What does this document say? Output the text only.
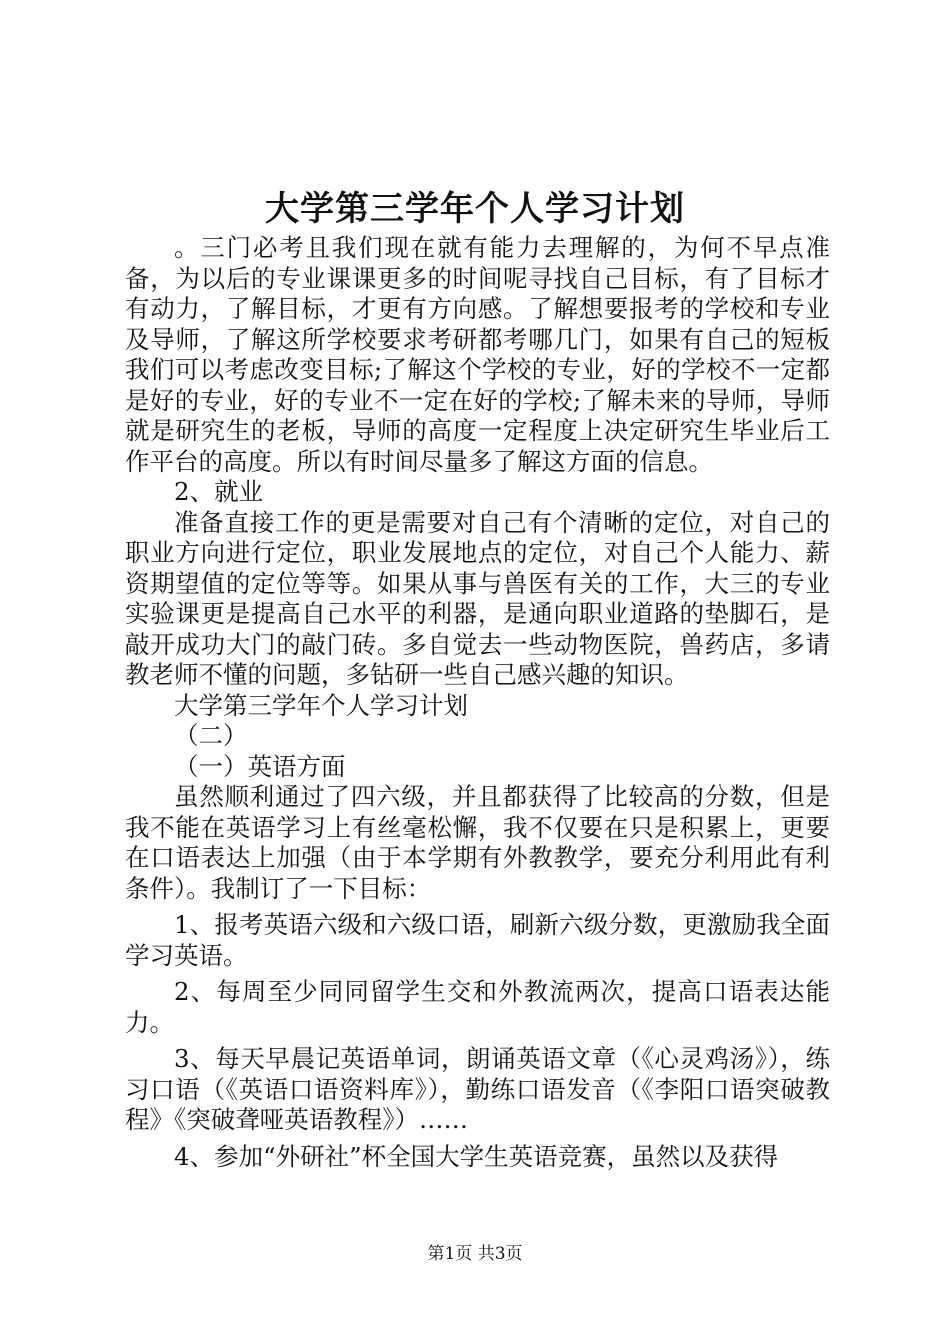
大学第三学年个人学习计划

。三门必考且我们现在就有能力去理解的，为何不早点准备，为以后的专业课课更多的时间呢寻找自己目标，有了目标才有动力，了解目标，才更有方向感。了解想要报考的学校和专业及导师，了解这所学校要求考研都考哪几门，如果有自己的短板我们可以考虑改变目标;了解这个学校的专业，好的学校不一定都是好的专业，好的专业不一定在好的学校;了解未来的导师，导师就是研究生的老板，导师的高度一定程度上决定研究生毕业后工作平台的高度。所以有时间尽量多了解这方面的信息。

2、就业

准备直接工作的更是需要对自己有个清晰的定位，对自己的职业方向进行定位，职业发展地点的定位，对自己个人能力、薪资期望值的定位等等。如果从事与兽医有关的工作，大三的专业实验课更是提高自己水平的利器，是通向职业道路的垫脚石，是敲开成功大门的敲门砖。多自觉去一些动物医院，兽药店，多请教老师不懂的问题，多钻研一些自己感兴趣的知识。

大学第三学年个人学习计划

（二）

（一）英语方面

虽然顺利通过了四六级，并且都获得了比较高的分数，但是我不能在英语学习上有丝毫松懈，我不仅要在只是积累上，更要在口语表达上加强（由于本学期有外教教学，要充分利用此有利条件）。我制订了一下目标：

1、报考英语六级和六级口语，刷新六级分数，更激励我全面学习英语。

2、每周至少同同留学生交和外教流两次，提高口语表达能力。

3、每天早晨记英语单词，朗诵英语文章（《心灵鸡汤》），练习口语（《英语口语资料库》），勤练口语发音（《李阳口语突破教程》《突破聋哑英语教程》）……

4、参加“外研社”杯全国大学生英语竞赛，虽然以及获得

第1页 共3页
